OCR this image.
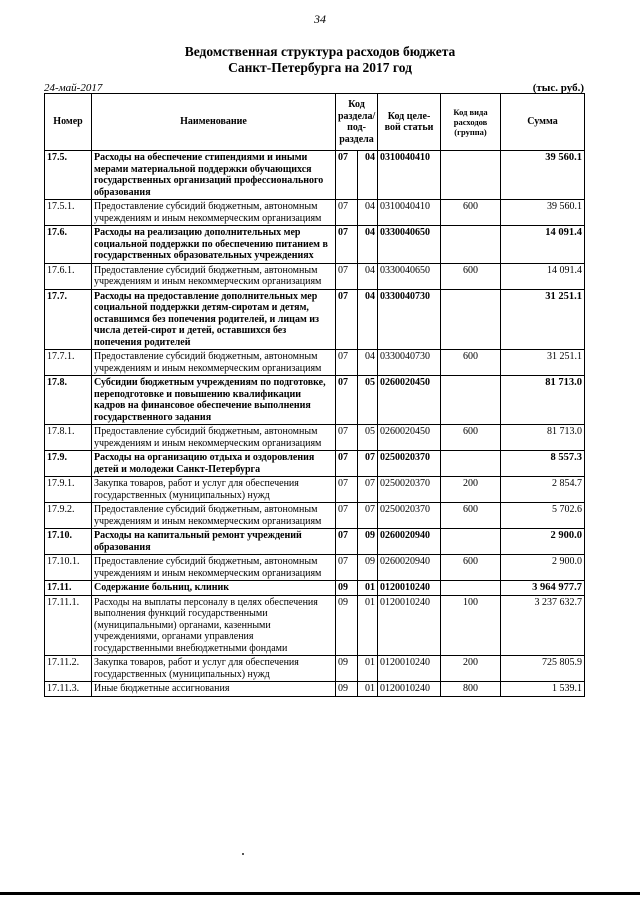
34
Ведомственная структура расходов бюджета
Санкт-Петербурга на 2017 год
24-май-2017	(тыс. руб.)
Номер	Наименование	Код раздела/ под- раздела		Код целе- вой статьи	Код вида расходов (группа)	Сумма
17.5.	Расходы на обеспечение стипендиями и иными мерами материальной поддержки обучающихся государственных организаций профессионального образования	07	04	0310040410		39 560.1
17.5.1.	Предоставление субсидий бюджетным, автономным учреждениям и иным некоммерческим организациям	07	04	0310040410	600	39 560.1
17.6.	Расходы на реализацию дополнительных мер социальной поддержки по обеспечению питанием в государственных образовательных учреждениях	07	04	0330040650		14 091.4
17.6.1.	Предоставление субсидий бюджетным, автономным учреждениям и иным некоммерческим организациям	07	04	0330040650	600	14 091.4
17.7.	Расходы на предоставление дополнительных мер социальной поддержки детям-сиротам и детям, оставшимся без попечения родителей, и лицам из числа детей-сирот и детей, оставшихся без попечения родителей	07	04	0330040730		31 251.1
17.7.1.	Предоставление субсидий бюджетным, автономным учреждениям и иным некоммерческим организациям	07	04	0330040730	600	31 251.1
17.8.	Субсидии бюджетным учреждениям по подготовке, переподготовке и повышению квалификации кадров на финансовое обеспечение выполнения государственного задания	07	05	0260020450		81 713.0
17.8.1.	Предоставление субсидий бюджетным, автономным учреждениям и иным некоммерческим организациям	07	05	0260020450	600	81 713.0
17.9.	Расходы на организацию отдыха и оздоровления детей и молодежи Санкт-Петербурга	07	07	0250020370		8 557.3
17.9.1.	Закупка товаров, работ и услуг для обеспечения государственных (муниципальных) нужд	07	07	0250020370	200	2 854.7
17.9.2.	Предоставление субсидий бюджетным, автономным учреждениям и иным некоммерческим организациям	07	07	0250020370	600	5 702.6
17.10.	Расходы на капитальный ремонт учреждений образования	07	09	0260020940		2 900.0
17.10.1.	Предоставление субсидий бюджетным, автономным учреждениям и иным некоммерческим организациям	07	09	0260020940	600	2 900.0
17.11.	Содержание больниц, клиник	09	01	0120010240		3 964 977.7
17.11.1.	Расходы на выплаты персоналу в целях обеспечения выполнения функций государственными (муниципальными) органами, казенными учреждениями, органами управления государственными внебюджетными фондами	09	01	0120010240	100	3 237 632.7
17.11.2.	Закупка товаров, работ и услуг для обеспечения государственных (муниципальных) нужд	09	01	0120010240	200	725 805.9
17.11.3.	Иные бюджетные ассигнования	09	01	0120010240	800	1 539.1
